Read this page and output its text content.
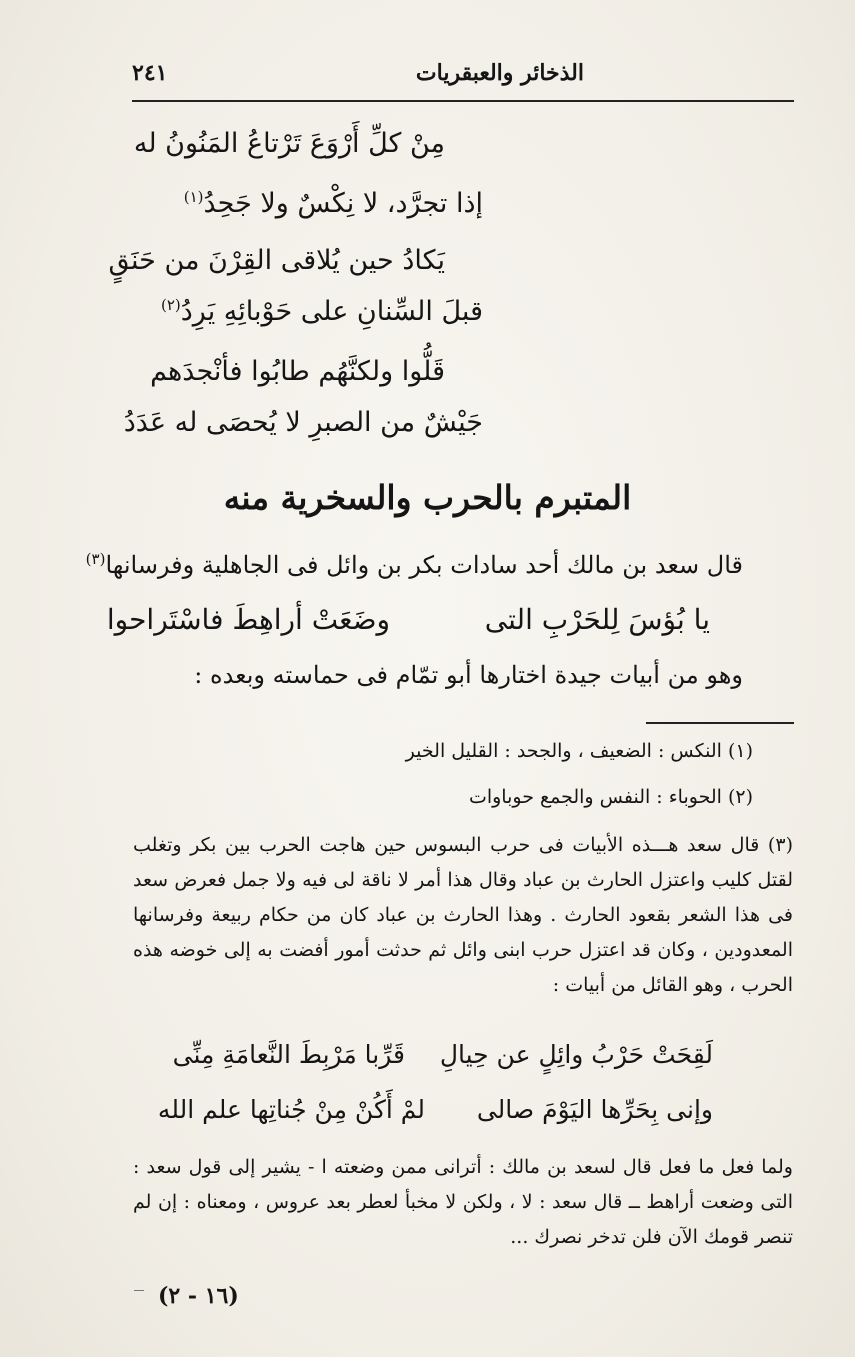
الذخائر والعبقريات
٢٤١
مِنْ كلِّ أَرْوَعَ تَرْتاعُ المَنُونُ له
إذا تجرَّد، لا نِكْسٌ ولا جَحِدُ$^{(١)}$
يَكادُ حين يُلاقى القِرْنَ من حَنَقٍ
قبلَ السِّنانِ على حَوْبائِهِ يَرِدُ$^{(٢)}$
قَلُّوا ولكنَّهُم طابُوا فأنْجدَهم
جَيْشٌ من الصبرِ لا يُحصَى له عَدَدُ
المتبرم بالحرب والسخرية منه
قال سعد بن مالك أحد سادات بكر بن وائل فى الجاهلية وفرسانها$^{(٣)}$
يا بُؤسَ لِلحَرْبِ التى
وضَعَتْ أراهِطَ فاسْتَراحوا
وهو من أبيات جيدة اختارها أبو تمّام فى حماسته وبعده :
(١) النكس : الضعيف ، والجحد : القليل الخير
(٢) الحوباء : النفس والجمع حوباوات
(٣) قال سعد هـــذه الأبيات فى حرب البسوس حين هاجت الحرب بين بكر وتغلب لقتل كليب واعتزل الحارث بن عباد وقال هذا أمر لا ناقة لى فيه ولا جمل فعرض سعد فى هذا الشعر بقعود الحارث . وهذا الحارث بن عباد كان من حكام ربيعة وفرسانها المعدودين ، وكان قد اعتزل حرب ابنى وائل ثم حدثت أمور أفضت به إلى خوضه هذه الحرب ، وهو القائل من أبيات :
قَرِّبا مَرْبِطَ النَّعامَةِ مِنِّى لَقِحَتْ حَرْبُ وائِلٍ عن حِيالِ
لمْ أَكُنْ مِنْ جُناتِها علم الله وإنى بِحَرِّها اليَوْمَ صالى
ولما فعل ما فعل قال لسعد بن مالك : أترانى ممن وضعته ا - يشير إلى قول سعد : التى وضعت أراهط ــ قال سعد : لا ، ولكن لا مخبأ لعطر بعد عروس ، ومعناه : إن لم تنصر قومك الآن فلن تدخر نصرك ...
(١٦ - ٢)
